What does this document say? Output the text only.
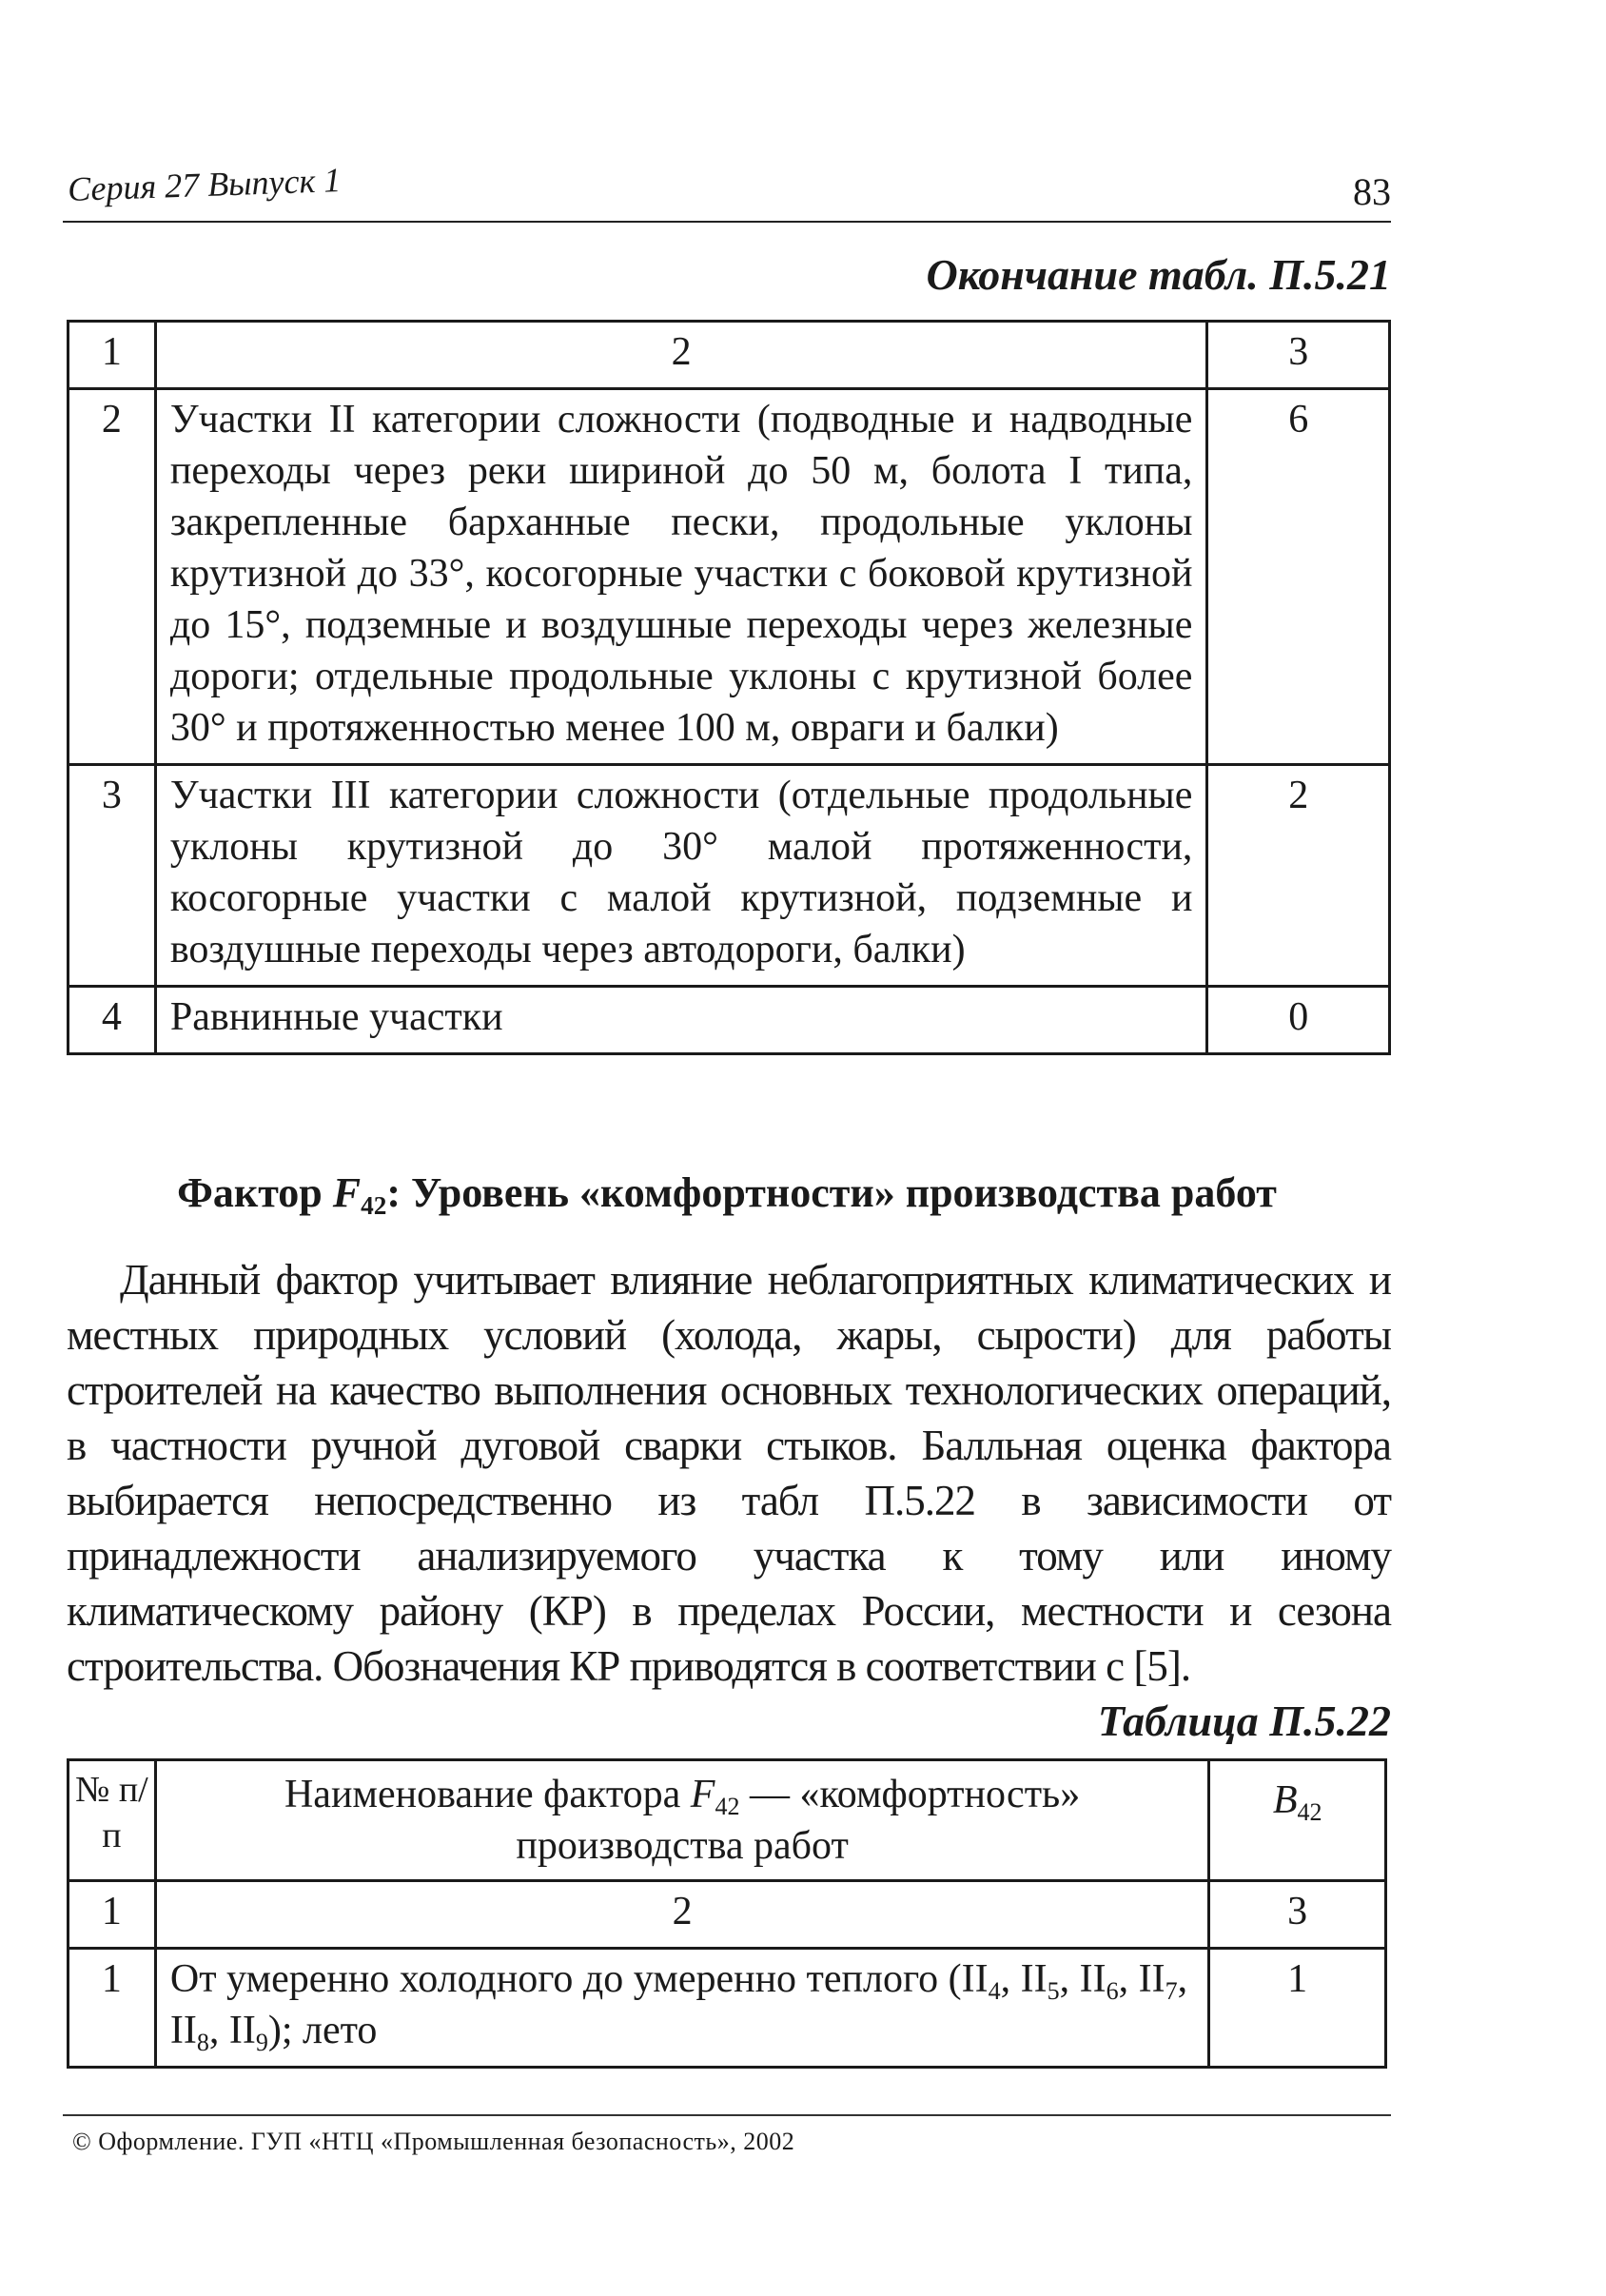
Серия 27 Выпуск 1	83
Окончание табл. П.5.21
1	2	3
2	Участки II категории сложности (подводные и надводные переходы через реки шириной до 50 м, болота I типа, закрепленные барханные пески, продольные уклоны крутизной до 33°, косогорные участки с боковой крутизной до 15°, подземные и воздушные переходы через железные дороги; отдельные продольные уклоны с крутизной более 30° и протяженностью менее 100 м, овраги и балки)	6
3	Участки III категории сложности (отдельные продольные уклоны крутизной до 30° малой протяженности, косогорные участки с малой крутизной, подземные и воздушные переходы через автодороги, балки)	2
4	Равнинные участки	0
Фактор $F_{42}$: Уровень «комфортности» производства работ
Данный фактор учитывает влияние неблагоприятных климатических и местных природных условий (холода, жары, сырости) для работы строителей на качество выполнения основных технологических операций, в частности ручной дуговой сварки стыков. Балльная оценка фактора выбирается непосредственно из табл П.5.22 в зависимости от принадлежности анализируемого участка к тому или иному климатическому району (КР) в пределах России, местности и сезона строительства. Обозначения КР приводятся в соответствии с [5].
Таблица П.5.22
№ п/п	Наименование фактора $F_{42}$ — «комфортность» производства работ	$B_{42}$
1	2	3
1	От умеренно холодного до умеренно теплого ($II_4$, $II_5$, $II_6$, $II_7$, $II_8$, $II_9$); лето	1
© Оформление. ГУП «НТЦ «Промышленная безопасность», 2002
